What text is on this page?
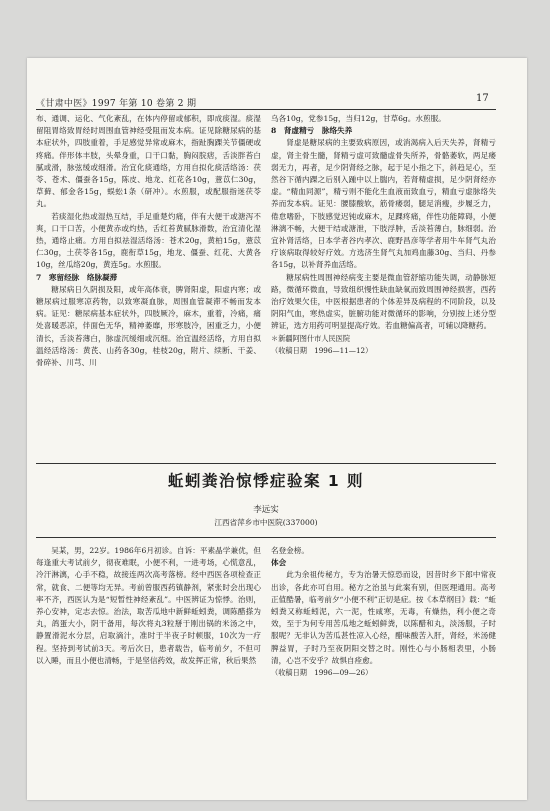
《甘肃中医》1997 年第 10 卷第 2 期	17

布、通调、运化、气化紊乱，在体内停留或郁积，即成痰湿。痰湿留阻胃络致胃经时周围血管神经受阻而发本病。证见除糖尿病的基本症状外，四肢重着，手足感觉异常或麻木，指趾胸踝关节僵硬或疼痛。伴形体丰肢，头晕身重，口干口黏，胸闷脘痞，舌淡胖苔白腻或滑，脉弦缓或细滑。治宜化痰通络，方用自拟化痰活络汤：茯苓、苍术、僵蚕各15g，陈皮、地龙、红花各10g，薏苡仁30g，草藓、郁金各15g，蜈蚣1条（研冲）。水煎服，或配服指迷茯苓丸。

若痰湿化热或湿热互结，手足重楚灼痛，伴有大便干或溏泻不爽，口干口苦，小便黄赤或灼热，舌红苔黄腻脉滑数，治宜清化湿热，通络止痛。方用自拟祛湿活络汤：苍术20g，黄柏15g，薏苡仁30g，土茯苓各15g，鹿衔草15g，地龙、僵蚕、红花、大黄各10g，丝瓜络20g，黄连5g。水煎服。

7　寒留经脉　络脉凝滞

糖尿病日久阴损及阳，或年高体衰，脾肾阳虚，阳虚内寒；或糖尿病过服寒凉药物，以致寒凝血脉，周围血管凝滞不畅而发本病。证见：糖尿病基本症状外，四肢厥冷，麻木，重着，冷痛，痛处喜暖恶凉，伴面色无华，精神萎靡，形寒肢冷，困重乏力，小便清长，舌淡苔薄白，脉虚沉缓细或沉细。治宜温经活络，方用自拟温经活络汤：黄芪、山药各30g，桂枝20g，附片、续断、干姜、骨碎补、川芎、川

乌各10g，党参15g，当归12g，甘草6g。水煎服。

8　肾虚精亏　脉络失养

肾虚是糖尿病的主要致病原因，或消渴病入后天失养，肾精亏虚，肾主骨生髓，肾精亏虚可致髓虚骨失所养，骨骼萎软，两足痿弱无力，再者，足少阴肾经之脉，起于足小指之下，斜趋足心，至然谷下循内踝之后别入踵中以上腨内，若肾精虚损，足少阴肾经亦虚。“精血同源”，精亏则不能化生血液而致血亏，精血亏虚脉络失养而发本病。证见：腰膝酸软，筋骨痿弱，腿足消瘦，步履乏力，倦怠嗜卧，下肢感觉迟钝或麻木，足踝疼痛，伴性功能障碍，小便淋漓不畅，大便干结或溏泄，下肢浮肿，舌淡苔薄白，脉细弱。治宜补肾活络，日本学者谷内孝次、鹿野昌彦等学者用牛车肾气丸治疗该病取得较好疗效。方选济生肾气丸加鸡血藤30g、当归、丹参各15g，以补肾养血活络。

糖尿病性周围神经病变主要是微血管舒缩功能失调，动静脉短路，微循环微血，导致组织慢性缺血缺氧而致周围神经损害，西药治疗效果欠佳，中医根据患者的个体差异及病程的不同阶段，以及阴阳气血，寒热虚实，脏腑功能对微循环的影响，分别按上述分型辨证，选方用药可明显提高疗效。若血糖偏高者，可辅以降糖药。

＊新疆阿图什市人民医院

（收稿日期　1996—11—12）

蚯蚓粪治惊悸症验案 1 则
李远实
江西省萍乡市中医院(337000)

吴某，男，22岁。1986年6月初诊。自诉：平素晶学兼优，但每逢重大考试前夕，彻夜难眠，小便不利，一进考场，心慌意乱，冷汗淋漓，心手不稳，故接连两次高考落榜。经中西医各项检查正常，就食、二便等均无异。考前曾服西药镇静剂，紧张时会出现心率不齐，西医认为是“短暂性神经紊乱”。中医辨证为惊悸。治则，养心安神，定志去惊。治法，取苦瓜地中新鲜蚯蚓粪，调陈醋搽为丸，鸽蛋大小，阴干备用，每次将丸3粒掰于刚出锅的米汤之中，静置滑泥水分层，启取滴汁，准时于半夜子时顿服，10次为一疗程。坚持到考试前3天。考后次日，患者载告，临考前夕，不但可以入睡，而且小便也清畅，于是坚信药效，故发挥正常，秋后果然

名登金榜。

体会

此为余祖传秘方，专为治暑天惊恐而设，因昔时乡下郎中常夜出诊，各此亦可自用。秘方之治虽与此案有别，但医理通用。高考正值酷暑，临考前夕“小便不利”正切是症。按《本草纲目》载：“蚯蚓粪又称蚯蚓泥，六一泥，性咸寒，无毒，有燥热，利小便之奇效，至于为何专用苦瓜地之蚯蚓鲜粪，以陈醋和丸，淡汤服，子时服呢？无非认为苦瓜甚性凉入心经，醋味酸苦入肝，肾经，米汤健脾益胃，子时乃至夜阴阳交替之时。刚性心与小肠相表里，小肠清，心岂不安乎？故惧自痊愈。

（收稿日期　1996—09—26）
